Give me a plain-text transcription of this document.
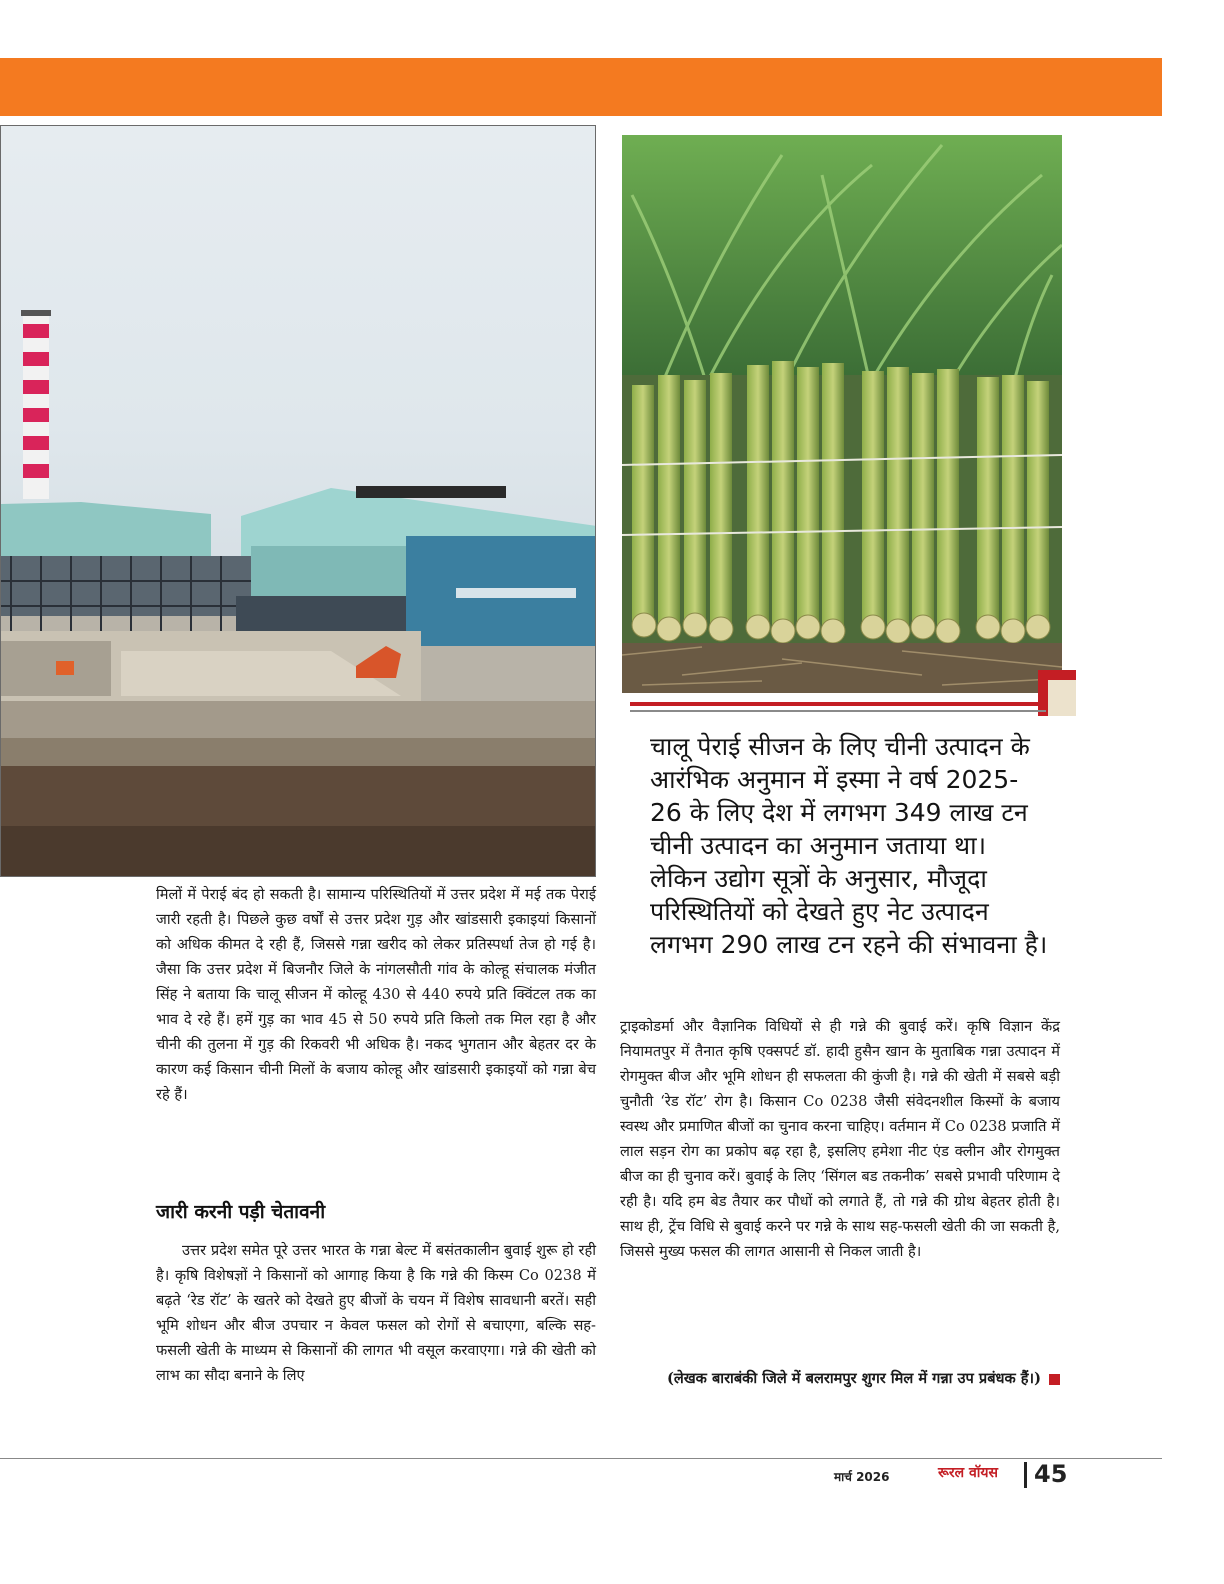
चालू पेराई सीजन के लिए चीनी उत्पादन के आरंभिक अनुमान में इस्मा ने वर्ष 2025-26 के लिए देश में लगभग 349 लाख टन चीनी उत्पादन का अनुमान जताया था। लेकिन उद्योग सूत्रों के अनुसार, मौजूदा परिस्थितियों को देखते हुए नेट उत्पादन लगभग 290 लाख टन रहने की संभावना है।

मिलों में पेराई बंद हो सकती है। सामान्य परिस्थितियों में उत्तर प्रदेश में मई तक पेराई जारी रहती है। पिछले कुछ वर्षों से उत्तर प्रदेश गुड़ और खांडसारी इकाइयां किसानों को अधिक कीमत दे रही हैं, जिससे गन्ना खरीद को लेकर प्रतिस्पर्धा तेज हो गई है। जैसा कि उत्तर प्रदेश में बिजनौर जिले के नांगलसौती गांव के कोल्हू संचालक मंजीत सिंह ने बताया कि चालू सीजन में कोल्हू 430 से 440 रुपये प्रति क्विंटल तक का भाव दे रहे हैं। हमें गुड़ का भाव 45 से 50 रुपये प्रति किलो तक मिल रहा है और चीनी की तुलना में गुड़ की रिकवरी भी अधिक है। नकद भुगतान और बेहतर दर के कारण कई किसान चीनी मिलों के बजाय कोल्हू और खांडसारी इकाइयों को गन्ना बेच रहे हैं।

जारी करनी पड़ी चेतावनी

उत्तर प्रदेश समेत पूरे उत्तर भारत के गन्ना बेल्ट में बसंतकालीन बुवाई शुरू हो रही है। कृषि विशेषज्ञों ने किसानों को आगाह किया है कि गन्ने की किस्म Co 0238 में बढ़ते ‘रेड रॉट’ के खतरे को देखते हुए बीजों के चयन में विशेष सावधानी बरतें। सही भूमि शोधन और बीज उपचार न केवल फसल को रोगों से बचाएगा, बल्कि सह-फसली खेती के माध्यम से किसानों की लागत भी वसूल करवाएगा। गन्ने की खेती को लाभ का सौदा बनाने के लिए

ट्राइकोडर्मा और वैज्ञानिक विधियों से ही गन्ने की बुवाई करें। कृषि विज्ञान केंद्र नियामतपुर में तैनात कृषि एक्सपर्ट डॉ. हादी हुसैन खान के मुताबिक गन्ना उत्पादन में रोगमुक्त बीज और भूमि शोधन ही सफलता की कुंजी है। गन्ने की खेती में सबसे बड़ी चुनौती ‘रेड रॉट’ रोग है। किसान Co 0238 जैसी संवेदनशील किस्मों के बजाय स्वस्थ और प्रमाणित बीजों का चुनाव करना चाहिए। वर्तमान में Co 0238 प्रजाति में लाल सड़न रोग का प्रकोप बढ़ रहा है, इसलिए हमेशा नीट एंड क्लीन और रोगमुक्त बीज का ही चुनाव करें। बुवाई के लिए ‘सिंगल बड तकनीक’ सबसे प्रभावी परिणाम दे रही है। यदि हम बेड तैयार कर पौधों को लगाते हैं, तो गन्ने की ग्रोथ बेहतर होती है। साथ ही, ट्रेंच विधि से बुवाई करने पर गन्ने के साथ सह-फसली खेती की जा सकती है, जिससे मुख्य फसल की लागत आसानी से निकल जाती है।

(लेखक बाराबंकी जिले में बलरामपुर शुगर मिल में गन्ना उप प्रबंधक हैं।)

मार्च 2026	रूरल वॉयस 45
